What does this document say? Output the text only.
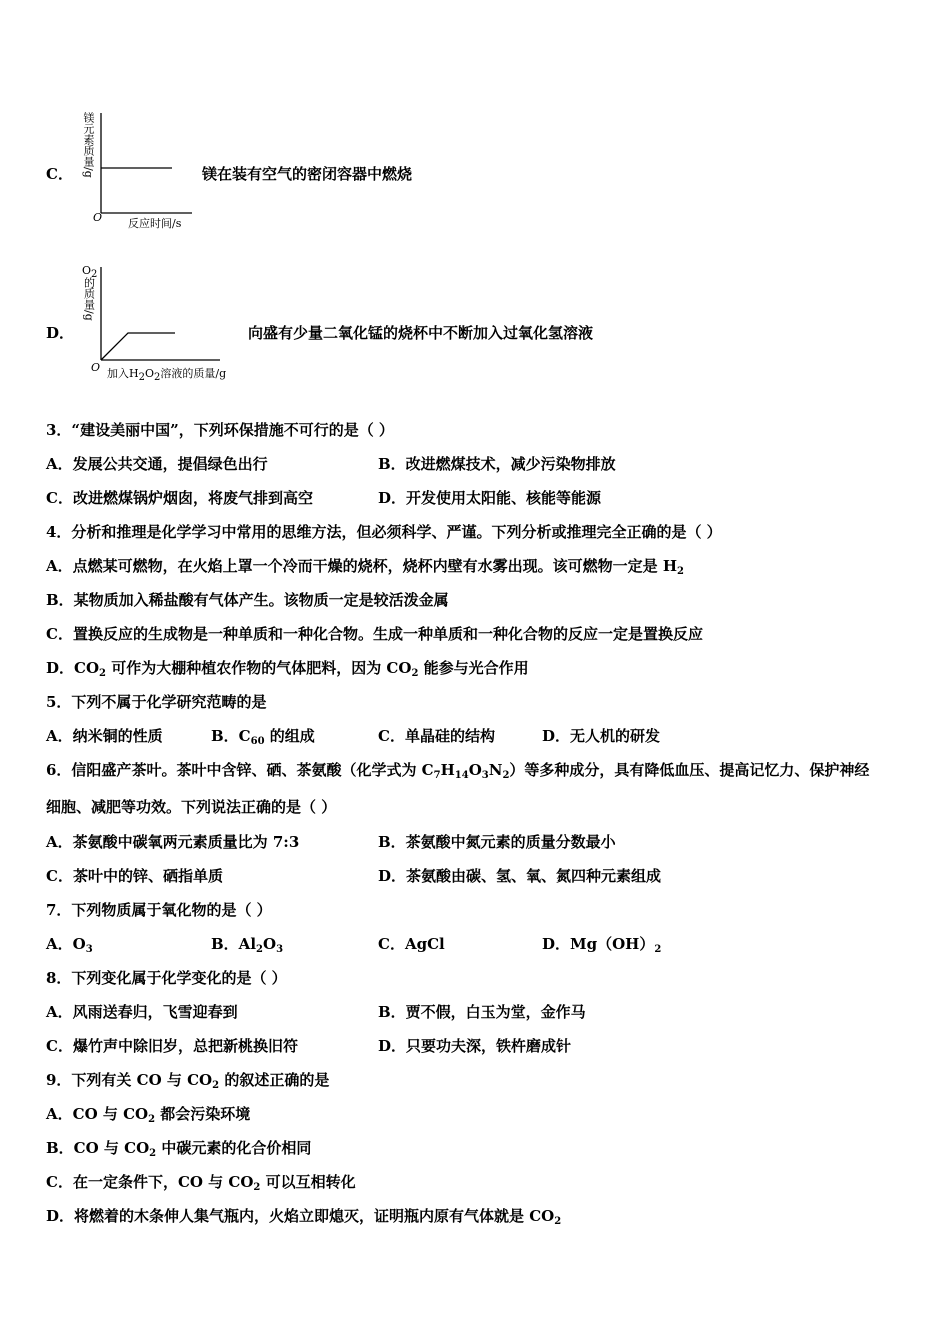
C． 镁元素质量/g
O 反应时间/s
镁在装有空气的密闭容器中燃烧
D．
$O_2$ 的质量/g
O 加入$H_2O_2$溶液的质量/g
向盛有少量二氧化锰的烧杯中不断加入过氧化氢溶液
3．“建设美丽中国”，下列环保措施不可行的是（ ）
A．发展公共交通，提倡绿色出行	B．改进燃煤技术，减少污染物排放
C．改进燃煤锅炉烟囱，将废气排到高空	D．开发使用太阳能、核能等能源
4．分析和推理是化学学习中常用的思维方法，但必须科学、严谨。下列分析或推理完全正确的是（ ）
A．点燃某可燃物，在火焰上罩一个冷而干燥的烧杯，烧杯内壁有水雾出现。该可燃物一定是 $H_2$
B．某物质加入稀盐酸有气体产生。该物质一定是较活泼金属
C．置换反应的生成物是一种单质和一种化合物。生成一种单质和一种化合物的反应一定是置换反应
D．$CO_2$ 可作为大棚种植农作物的气体肥料，因为 $CO_2$ 能参与光合作用
5．下列不属于化学研究范畴的是
A．纳米铜的性质	B．$C_{60}$ 的组成	C．单晶硅的结构	D．无人机的研发
6．信阳盛产茶叶。茶叶中含锌、硒、茶氨酸（化学式为 $C_7H_{14}O_3N_2$）等多种成分，具有降低血压、提高记忆力、保护神经
细胞、减肥等功效。下列说法正确的是（ ）
A．茶氨酸中碳氧两元素质量比为 7:3	B．茶氨酸中氮元素的质量分数最小
C．茶叶中的锌、硒指单质	D．茶氨酸由碳、氢、氧、氮四种元素组成
7．下列物质属于氧化物的是（ ）
A．$O_3$	B．$Al_2O_3$	C．AgCl	D．$Mg(OH)_2$
8．下列变化属于化学变化的是（ ）
A．风雨送春归，飞雪迎春到	B．贾不假，白玉为堂，金作马
C．爆竹声中除旧岁，总把新桃换旧符	D．只要功夫深，铁杵磨成针
9．下列有关 CO 与 $CO_2$ 的叙述正确的是
A．CO 与 $CO_2$ 都会污染环境
B．CO 与 $CO_2$ 中碳元素的化合价相同
C．在一定条件下，CO 与 $CO_2$ 可以互相转化
D．将燃着的木条伸人集气瓶内，火焰立即熄灭，证明瓶内原有气体就是 $CO_2$
